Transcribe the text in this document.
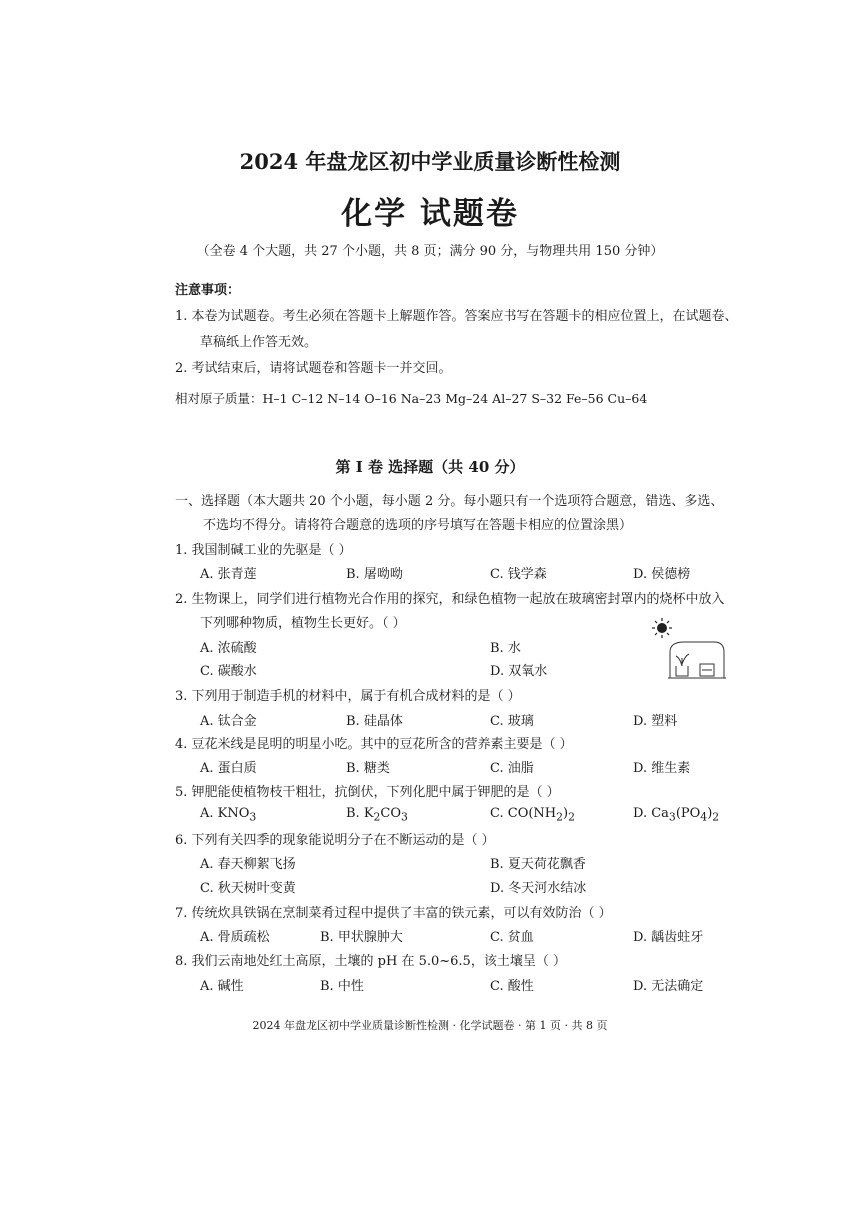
2024 年盘龙区初中学业质量诊断性检测
化学 试题卷
（全卷 4 个大题，共 27 个小题，共 8 页；满分 90 分，与物理共用 150 分钟）
注意事项：
1. 本卷为试题卷。考生必须在答题卡上解题作答。答案应书写在答题卡的相应位置上，在试题卷、
草稿纸上作答无效。
2. 考试结束后，请将试题卷和答题卡一并交回。
相对原子质量：H–1 C–12 N–14 O–16 Na–23 Mg–24 Al–27 S–32 Fe–56 Cu–64
第 Ⅰ 卷 选择题（共 40 分）
一、选择题（本大题共 20 个小题，每小题 2 分。每小题只有一个选项符合题意，错选、多选、
不选均不得分。请将符合题意的选项的序号填写在答题卡相应的位置涂黑）
1. 我国制碱工业的先驱是（ ）
A. 张青莲	B. 屠呦呦	C. 钱学森	D. 侯德榜
2. 生物课上，同学们进行植物光合作用的探究，和绿色植物一起放在玻璃密封罩内的烧杯中放入
下列哪种物质，植物生长更好。（ ）
A. 浓硫酸	B. 水
C. 碳酸水	D. 双氧水
3. 下列用于制造手机的材料中，属于有机合成材料的是（ ）
A. 钛合金	B. 硅晶体	C. 玻璃	D. 塑料
4. 豆花米线是昆明的明星小吃。其中的豆花所含的营养素主要是（ ）
A. 蛋白质	B. 糖类	C. 油脂	D. 维生素
5. 钾肥能使植物枝干粗壮，抗倒伏，下列化肥中属于钾肥的是（ ）
A. $KNO_3$	B. $K_2CO_3$	C. $CO(NH_2)_2$	D. $Ca_3(PO_4)_2$
6. 下列有关四季的现象能说明分子在不断运动的是（ ）
A. 春天柳絮飞扬	B. 夏天荷花飘香
C. 秋天树叶变黄	D. 冬天河水结冰
7. 传统炊具铁锅在烹制菜肴过程中提供了丰富的铁元素，可以有效防治（ ）
A. 骨质疏松	B. 甲状腺肿大	C. 贫血	D. 龋齿蛀牙
8. 我们云南地处红土高原，土壤的 pH 在 5.0~6.5，该土壤呈（ ）
A. 碱性	B. 中性	C. 酸性	D. 无法确定
2024 年盘龙区初中学业质量诊断性检测 · 化学试题卷 · 第 1 页 · 共 8 页
